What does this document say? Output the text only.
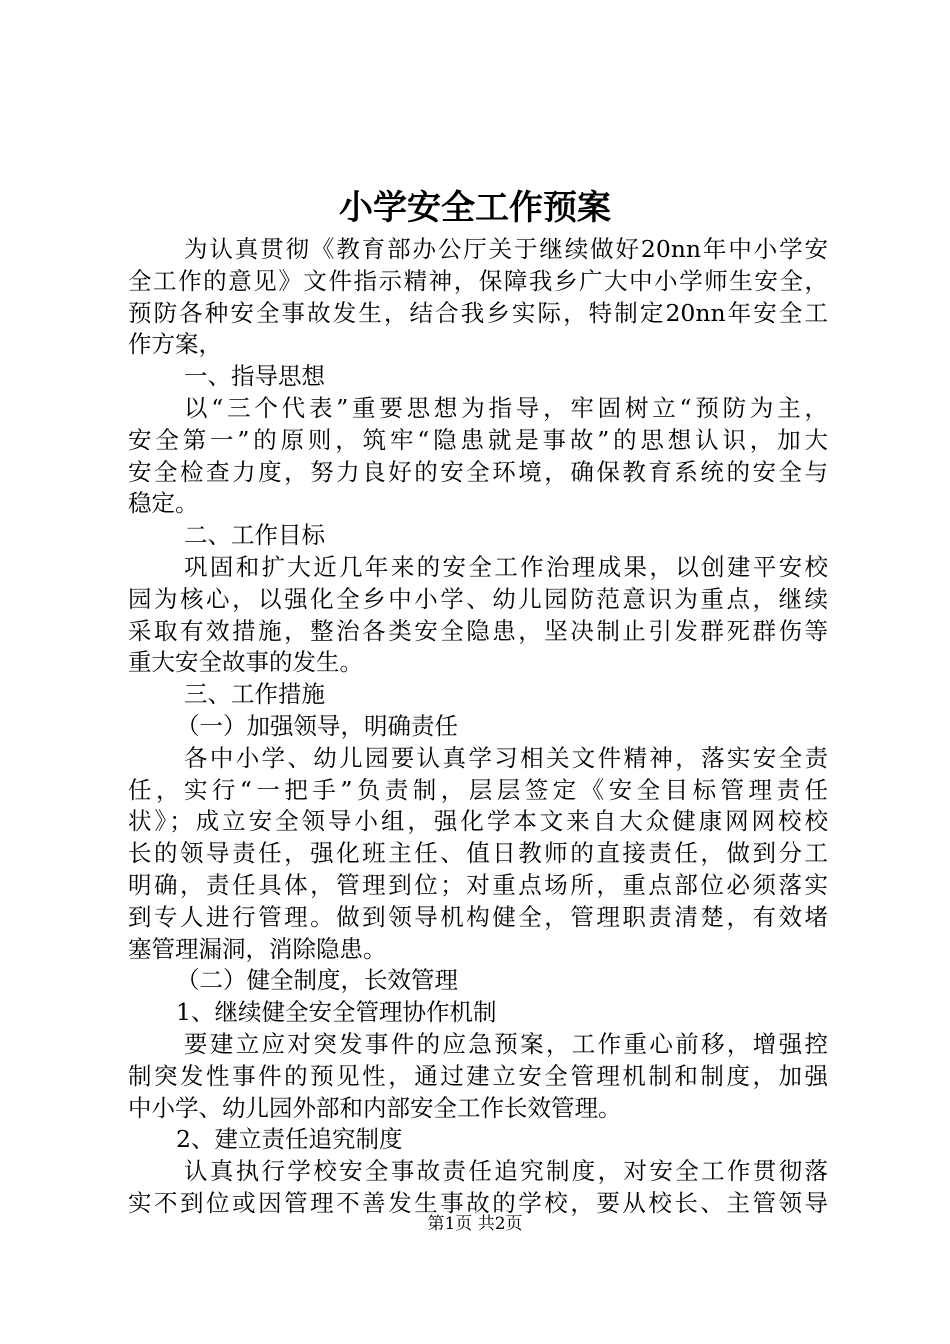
小学安全工作预案
为认真贯彻《教育部办公厅关于继续做好20nn年中小学安
全工作的意见》文件指示精神，保障我乡广大中小学师生安全，
预防各种安全事故发生，结合我乡实际，特制定20nn年安全工
作方案，
一、指导思想
以“三个代表”重要思想为指导，牢固树立“预防为主，
安全第一”的原则，筑牢“隐患就是事故”的思想认识，加大
安全检查力度，努力良好的安全环境，确保教育系统的安全与
稳定。
二、工作目标
巩固和扩大近几年来的安全工作治理成果，以创建平安校
园为核心，以强化全乡中小学、幼儿园防范意识为重点，继续
采取有效措施，整治各类安全隐患，坚决制止引发群死群伤等
重大安全故事的发生。
三、工作措施
（一）加强领导，明确责任
各中小学、幼儿园要认真学习相关文件精神，落实安全责
任，实行“一把手”负责制，层层签定《安全目标管理责任
状》；成立安全领导小组，强化学本文来自大众健康网网校校
长的领导责任，强化班主任、值日教师的直接责任，做到分工
明确，责任具体，管理到位；对重点场所，重点部位必须落实
到专人进行管理。做到领导机构健全，管理职责清楚，有效堵
塞管理漏洞，消除隐患。
（二）健全制度，长效管理
1、继续健全安全管理协作机制
要建立应对突发事件的应急预案，工作重心前移，增强控
制突发性事件的预见性，通过建立安全管理机制和制度，加强
中小学、幼儿园外部和内部安全工作长效管理。
2、建立责任追究制度
认真执行学校安全事故责任追究制度，对安全工作贯彻落
实不到位或因管理不善发生事故的学校，要从校长、主管领导
第1页 共2页
